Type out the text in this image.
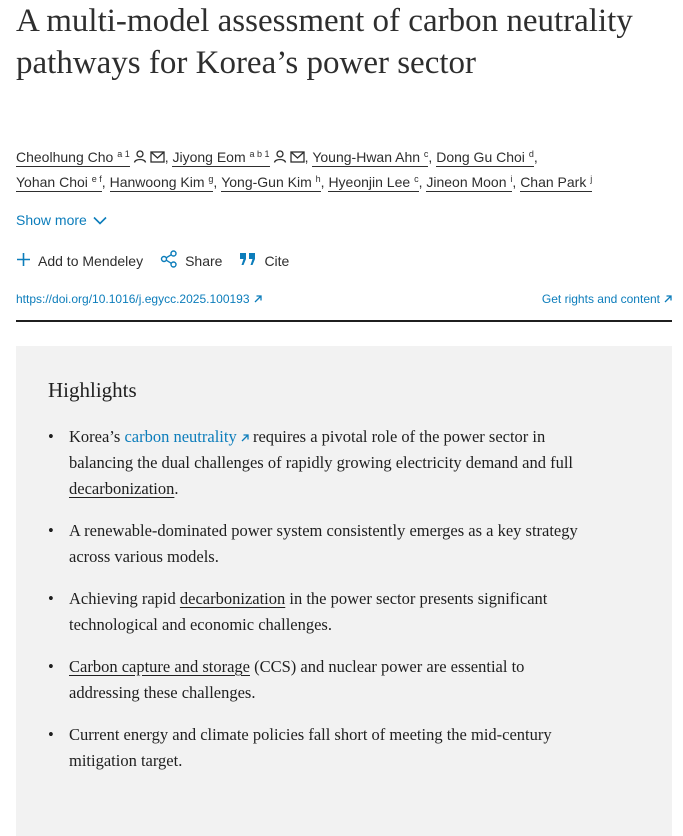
A multi-model assessment of carbon neutrality pathways for Korea’s power sector
Cheolhung Cho $^{a 1}$	, Jiyong Eom $^{a b 1}$	, Young-Hwan Ahn $^c$, Dong Gu Choi $^d$,
Yohan Choi $^{e f}$, Hanwoong Kim $^g$, Yong-Gun Kim $^h$, Hyeonjin Lee $^c$, Jineon Moon $^i$, Chan Park $^j$
Show more
Add to Mendeley	Share	Cite
https://doi.org/10.1016/j.egycc.2025.100193	Get rights and content
Highlights
• Korea’s carbon neutrality  requires a pivotal role of the power sector in balancing the dual challenges of rapidly growing electricity demand and full decarbonization.
• A renewable-dominated power system consistently emerges as a key strategy across various models.
• Achieving rapid decarbonization in the power sector presents significant technological and economic challenges.
• Carbon capture and storage (CCS) and nuclear power are essential to addressing these challenges.
• Current energy and climate policies fall short of meeting the mid-century mitigation target.
